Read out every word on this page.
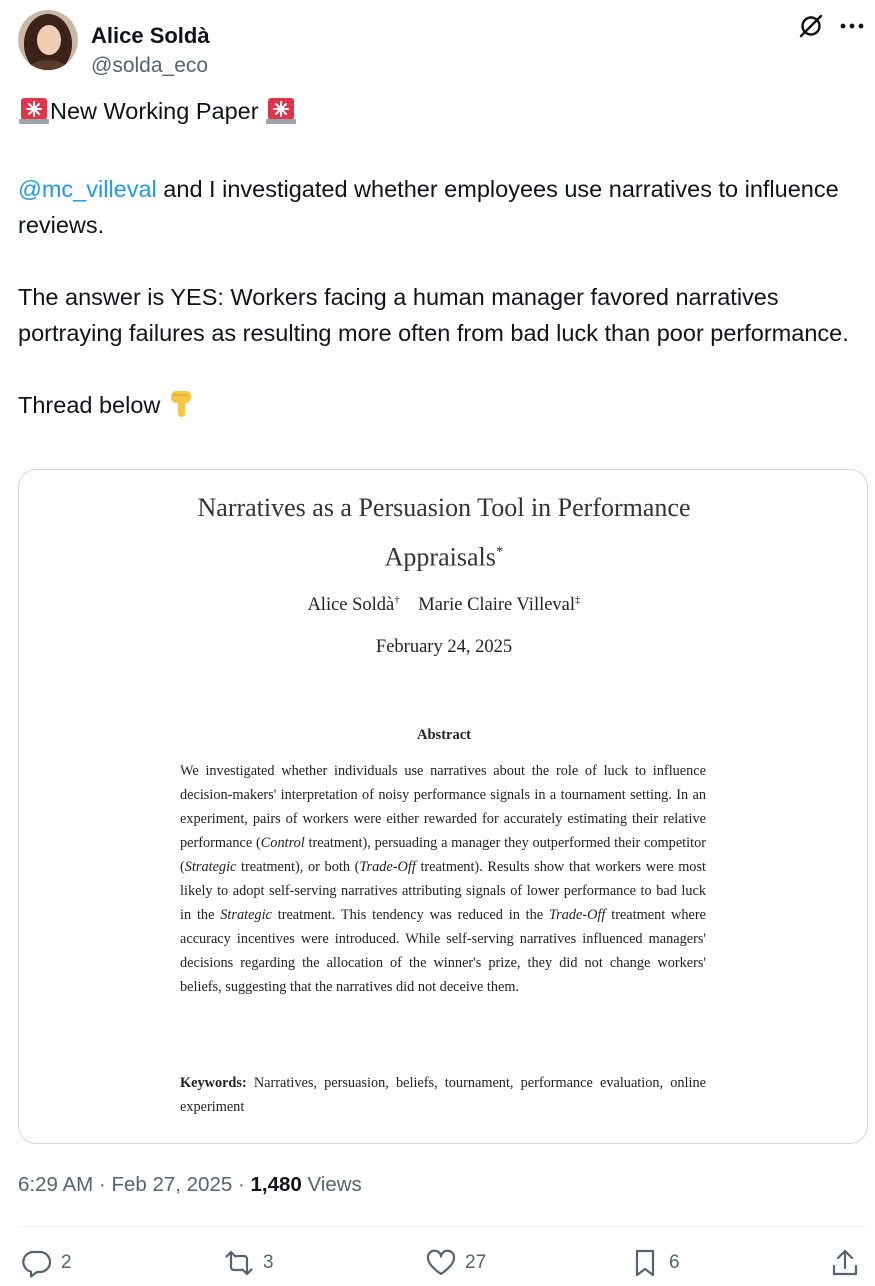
Alice Soldà
@solda_eco

New Working Paper

@mc_villeval and I investigated whether employees use narratives to influence reviews.

The answer is YES: Workers facing a human manager favored narratives portraying failures as resulting more often from bad luck than poor performance.

Thread below

Narratives as a Persuasion Tool in Performance
Appraisals*
Alice Soldà† Marie Claire Villeval‡
February 24, 2025
Abstract
We investigated whether individuals use narratives about the role of luck to influence decision-makers' interpretation of noisy performance signals in a tournament setting. In an experiment, pairs of workers were either rewarded for accurately estimating their relative performance (Control treatment), persuading a manager they outperformed their competitor (Strategic treatment), or both (Trade-Off treatment). Results show that workers were most likely to adopt self-serving narratives attributing signals of lower performance to bad luck in the Strategic treatment. This tendency was reduced in the Trade-Off treatment where accuracy incentives were introduced. While self-serving narratives influenced managers' decisions regarding the allocation of the winner's prize, they did not change workers' beliefs, suggesting that the narratives did not deceive them.
Keywords: Narratives, persuasion, beliefs, tournament, performance evaluation, online experiment
6:29 AM · Feb 27, 2025 · 1,480 Views
2	3	27	6
